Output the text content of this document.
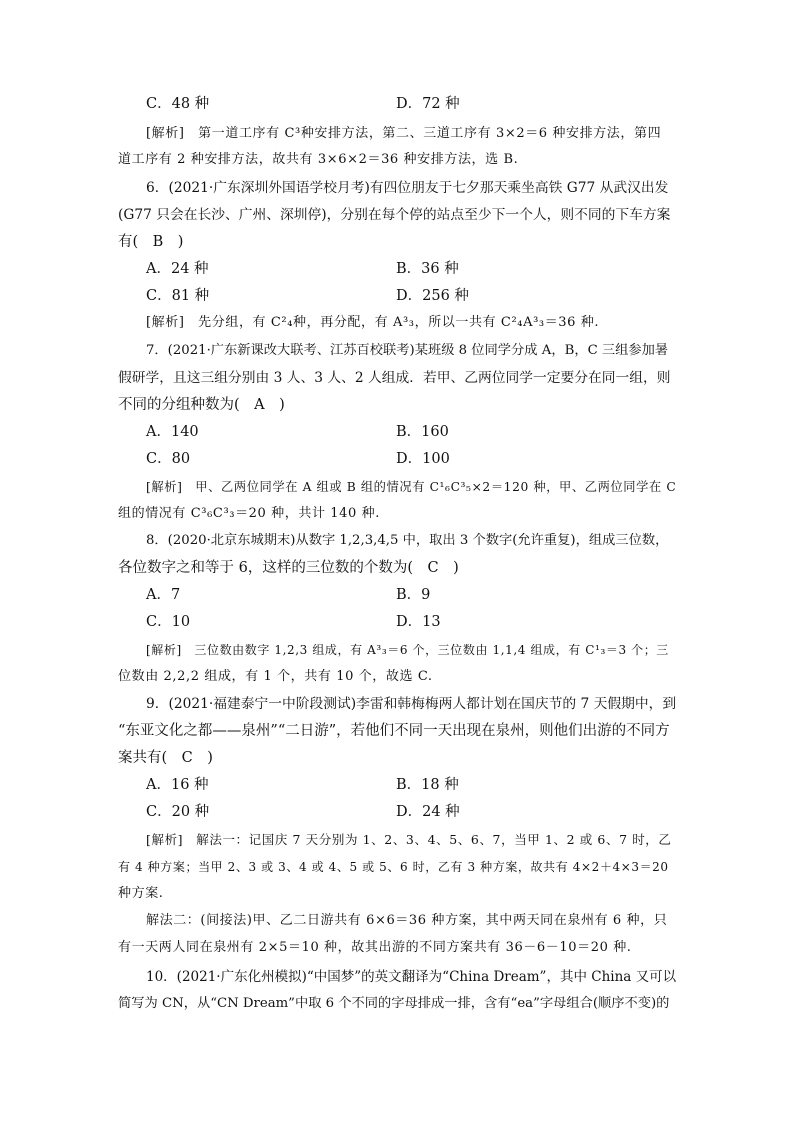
C．48 种	D．72 种
[解析]　第一道工序有 C³种安排方法，第二、三道工序有 3×2＝6 种安排方法，第四
道工序有 2 种安排方法，故共有 3×6×2＝36 种安排方法，选 B.
6．(2021·广东深圳外国语学校月考)有四位朋友于七夕那天乘坐高铁 G77 从武汉出发
(G77 只会在长沙、广州、深圳停)，分别在每个停的站点至少下一个人，则不同的下车方案
有(　B　)
A．24 种	B．36 种
C．81 种	D．256 种
[解析]　先分组，有 C²₄种，再分配，有 A³₃，所以一共有 C²₄A³₃＝36 种.
7．(2021·广东新课改大联考、江苏百校联考)某班级 8 位同学分成 A，B，C 三组参加暑
假研学，且这三组分别由 3 人、3 人、2 人组成．若甲、乙两位同学一定要分在同一组，则
不同的分组种数为(　A　)
A．140	B．160
C．80	D．100
[解析]　甲、乙两位同学在 A 组或 B 组的情况有 C¹₆C³₅×2＝120 种，甲、乙两位同学在 C
组的情况有 C³₆C³₃＝20 种，共计 140 种.
8．(2020·北京东城期末)从数字 1,2,3,4,5 中，取出 3 个数字(允许重复)，组成三位数，
各位数字之和等于 6，这样的三位数的个数为(　C　)
A．7	B．9
C．10	D．13
[解析]　三位数由数字 1,2,3 组成，有 A³₃＝6 个，三位数由 1,1,4 组成，有 C¹₃＝3 个；三
位数由 2,2,2 组成，有 1 个，共有 10 个，故选 C.
9．(2021·福建泰宁一中阶段测试)李雷和韩梅梅两人都计划在国庆节的 7 天假期中，到
“东亚文化之都——泉州”“二日游”，若他们不同一天出现在泉州，则他们出游的不同方
案共有(　C　)
A．16 种	B．18 种
C．20 种	D．24 种
[解析]　解法一：记国庆 7 天分别为 1、2、3、4、5、6、7，当甲 1、2 或 6、7 时，乙
有 4 种方案；当甲 2、3 或 3、4 或 4、5 或 5、6 时，乙有 3 种方案，故共有 4×2＋4×3＝20
种方案.
解法二：(间接法)甲、乙二日游共有 6×6＝36 种方案，其中两天同在泉州有 6 种，只
有一天两人同在泉州有 2×5＝10 种，故其出游的不同方案共有 36－6－10＝20 种.
10．(2021·广东化州模拟)“中国梦”的英文翻译为“China Dream”，其中 China 又可以
简写为 CN，从“CN Dream”中取 6 个不同的字母排成一排，含有“ea”字母组合(顺序不变)的
